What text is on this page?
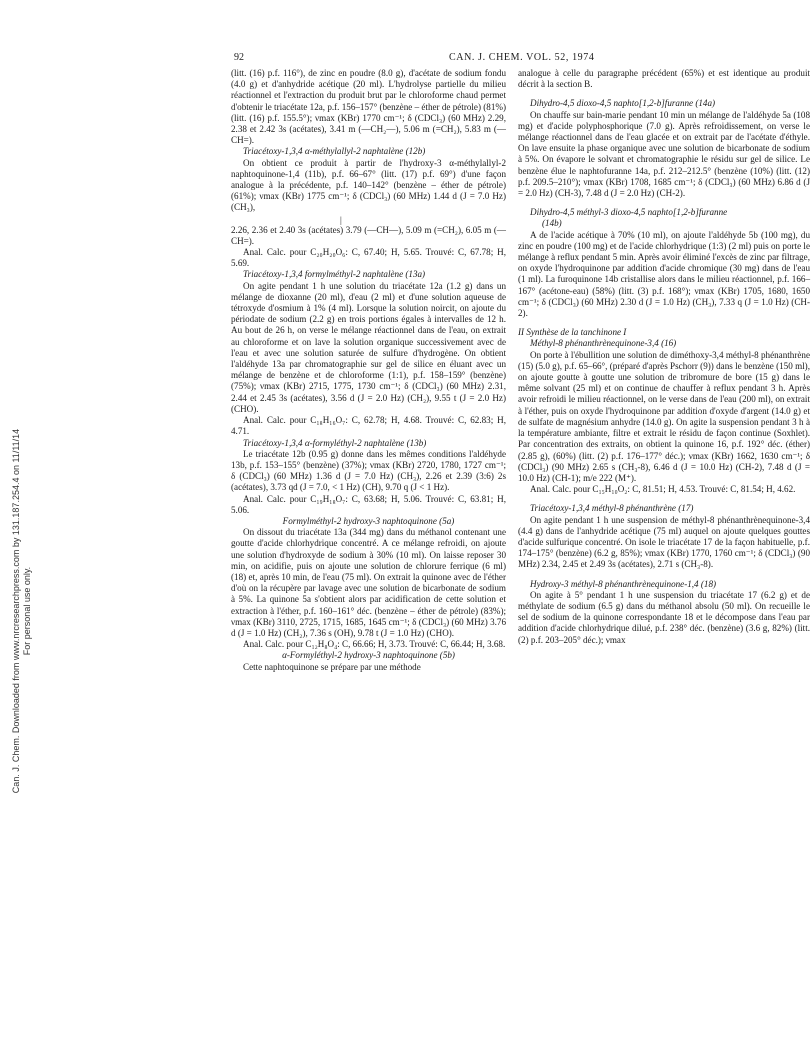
Can. J. Chem. Downloaded from www.nrcresearchpress.com by 131.187.254.4 on 11/11/14 For personal use only.
92	CAN. J. CHEM. VOL. 52, 1974

(litt. (16) p.f. 116°), de zinc en poudre (8.0 g), d'acétate de sodium fondu (4.0 g) et d'anhydride acétique (20 ml). L'hydrolyse partielle du milieu réactionnel et l'extraction du produit brut par le chloroforme chaud permet d'obtenir le triacétate 12a, p.f. 156–157° (benzène – éther de pétrole) (81%) (litt. (16) p.f. 155.5°); νmax (KBr) 1770 cm⁻¹; δ (CDCl₃) (60 MHz) 2.29, 2.38 et 2.42 3s (acétates), 3.41 m (—CH₂—), 5.06 m (=CH₂), 5.83 m (—CH=).

Triacétoxy-1,3,4 α-méthylallyl-2 naphtalène (12b)

On obtient ce produit à partir de l'hydroxy-3 α-méthylallyl-2 naphtoquinone-1,4 (11b), p.f. 66–67° (litt. (17) p.f. 69°) d'une façon analogue à la précédente, p.f. 140–142° (benzène – éther de pétrole) (61%); νmax (KBr) 1775 cm⁻¹; δ (CDCl₃) (60 MHz) 1.44 d (J = 7.0 Hz) (CH₃),

|

2.26, 2.36 et 2.40 3s (acétates) 3.79 (—CH—), 5.09 m (=CH₂), 6.05 m (—CH=).

Anal. Calc. pour C₂₀H₂₀O₆: C, 67.40; H, 5.65. Trouvé: C, 67.78; H, 5.69.

Triacétoxy-1,3,4 formylméthyl-2 naphtalène (13a)

On agite pendant 1 h une solution du triacétate 12a (1.2 g) dans un mélange de dioxanne (20 ml), d'eau (2 ml) et d'une solution aqueuse de tétroxyde d'osmium à 1% (4 ml). Lorsque la solution noircit, on ajoute du périodate de sodium (2.2 g) en trois portions égales à intervalles de 12 h. Au bout de 26 h, on verse le mélange réactionnel dans de l'eau, on extrait au chloroforme et on lave la solution organique successivement avec de l'eau et avec une solution saturée de sulfure d'hydrogène. On obtient l'aldéhyde 13a par chromatographie sur gel de silice en éluant avec un mélange de benzène et de chloroforme (1:1), p.f. 158–159° (benzène) (75%); νmax (KBr) 2715, 1775, 1730 cm⁻¹; δ (CDCl₃) (60 MHz) 2.31, 2.44 et 2.45 3s (acétates), 3.56 d (J = 2.0 Hz) (CH₂), 9.55 t (J = 2.0 Hz) (CHO).

Anal. Calc. pour C₁₈H₁₆O₇: C, 62.78; H, 4.68. Trouvé: C, 62.83; H, 4.71.

Triacétoxy-1,3,4 α-formyléthyl-2 naphtalène (13b)

Le triacétate 12b (0.95 g) donne dans les mêmes conditions l'aldéhyde 13b, p.f. 153–155° (benzène) (37%); νmax (KBr) 2720, 1780, 1727 cm⁻¹; δ (CDCl₃) (60 MHz) 1.36 d (J = 7.0 Hz) (CH₃), 2.26 et 2.39 (3:6) 2s (acétates), 3.73 qd (J = 7.0, < 1 Hz) (CH), 9.70 q (J < 1 Hz).

Anal. Calc. pour C₁₉H₁₈O₇: C, 63.68; H, 5.06. Trouvé: C, 63.81; H, 5.06.

Formylméthyl-2 hydroxy-3 naphtoquinone (5a)

On dissout du triacétate 13a (344 mg) dans du méthanol contenant une goutte d'acide chlorhydrique concentré. A ce mélange refroidi, on ajoute une solution d'hydroxyde de sodium à 30% (10 ml). On laisse reposer 30 min, on acidifie, puis on ajoute une solution de chlorure ferrique (6 ml) (18) et, après 10 min, de l'eau (75 ml). On extrait la quinone avec de l'éther d'où on la récupère par lavage avec une solution de bicarbonate de sodium à 5%. La quinone 5a s'obtient alors par acidification de cette solution et extraction à l'éther, p.f. 160–161° déc. (benzène – éther de pétrole) (83%); νmax (KBr) 3110, 2725, 1715, 1685, 1645 cm⁻¹; δ (CDCl₃) (60 MHz) 3.76 d (J = 1.0 Hz) (CH₂), 7.36 s (OH), 9.78 t (J = 1.0 Hz) (CHO).

Anal. Calc. pour C₁₂H₈O₄: C, 66.66; H, 3.73. Trouvé: C, 66.44; H, 3.68.

α-Formyléthyl-2 hydroxy-3 naphtoquinone (5b)

Cette naphtoquinone se prépare par une méthode

analogue à celle du paragraphe précédent (65%) et est identique au produit décrit à la section B.

Dihydro-4,5 dioxo-4,5 naphto[1,2-b]furanne (14a)

On chauffe sur bain-marie pendant 10 min un mélange de l'aldéhyde 5a (108 mg) et d'acide polyphosphorique (7.0 g). Après refroidissement, on verse le mélange réactionnel dans de l'eau glacée et on extrait par de l'acétate d'éthyle. On lave ensuite la phase organique avec une solution de bicarbonate de sodium à 5%. On évapore le solvant et chromatographie le résidu sur gel de silice. Le benzène élue le naphtofuranne 14a, p.f. 212–212.5° (benzène (10%) (litt. (12) p.f. 209.5–210°); νmax (KBr) 1708, 1685 cm⁻¹; δ (CDCl₃) (60 MHz) 6.86 d (J = 2.0 Hz) (CH-3), 7.48 d (J = 2.0 Hz) (CH-2).

Dihydro-4,5 méthyl-3 dioxo-4,5 naphto[1,2-b]furanne
(14b)

A de l'acide acétique à 70% (10 ml), on ajoute l'aldéhyde 5b (100 mg), du zinc en poudre (100 mg) et de l'acide chlorhydrique (1:3) (2 ml) puis on porte le mélange à reflux pendant 5 min. Après avoir éliminé l'excès de zinc par filtrage, on oxyde l'hydroquinone par addition d'acide chromique (30 mg) dans de l'eau (1 ml). La furoquinone 14b cristallise alors dans le milieu réactionnel, p.f. 166–167° (acétone-eau) (58%) (litt. (3) p.f. 168°); νmax (KBr) 1705, 1680, 1650 cm⁻¹; δ (CDCl₃) (60 MHz) 2.30 d (J = 1.0 Hz) (CH₃), 7.33 q (J = 1.0 Hz) (CH-2).

II Synthèse de la tanchinone I
Méthyl-8 phénanthrènequinone-3,4 (16)

On porte à l'ébullition une solution de diméthoxy-3,4 méthyl-8 phénanthrène (15) (5.0 g), p.f. 65–66°, (préparé d'après Pschorr (9)) dans le benzène (150 ml), on ajoute goutte à goutte une solution de tribromure de bore (15 g) dans le même solvant (25 ml) et on continue de chauffer à reflux pendant 3 h. Après avoir refroidi le milieu réactionnel, on le verse dans de l'eau (200 ml), on extrait à l'éther, puis on oxyde l'hydroquinone par addition d'oxyde d'argent (14.0 g) et de sulfate de magnésium anhydre (14.0 g). On agite la suspension pendant 3 h à la température ambiante, filtre et extrait le résidu de façon continue (Soxhlet). Par concentration des extraits, on obtient la quinone 16, p.f. 192° déc. (éther) (2.85 g), (60%) (litt. (2) p.f. 176–177° déc.); νmax (KBr) 1662, 1630 cm⁻¹; δ (CDCl₃) (90 MHz) 2.65 s (CH₃-8), 6.46 d (J = 10.0 Hz) (CH-2), 7.48 d (J = 10.0 Hz) (CH-1); m/e 222 (M⁺).

Anal. Calc. pour C₁₅H₁₀O₂: C, 81.51; H, 4.53. Trouvé: C, 81.54; H, 4.62.

Triacétoxy-1,3,4 méthyl-8 phénanthrène (17)

On agite pendant 1 h une suspension de méthyl-8 phénanthrènequinone-3,4 (4.4 g) dans de l'anhydride acétique (75 ml) auquel on ajoute quelques gouttes d'acide sulfurique concentré. On isole le triacétate 17 de la façon habituelle, p.f. 174–175° (benzène) (6.2 g, 85%); νmax (KBr) 1770, 1760 cm⁻¹; δ (CDCl₃) (90 MHz) 2.34, 2.45 et 2.49 3s (acétates), 2.71 s (CH₃-8).

Hydroxy-3 méthyl-8 phénanthrènequinone-1,4 (18)

On agite à 5° pendant 1 h une suspension du triacétate 17 (6.2 g) et de méthylate de sodium (6.5 g) dans du méthanol absolu (50 ml). On recueille le sel de sodium de la quinone correspondante 18 et le décompose dans l'eau par addition d'acide chlorhydrique dilué, p.f. 238° déc. (benzène) (3.6 g, 82%) (litt. (2) p.f. 203–205° déc.); νmax
